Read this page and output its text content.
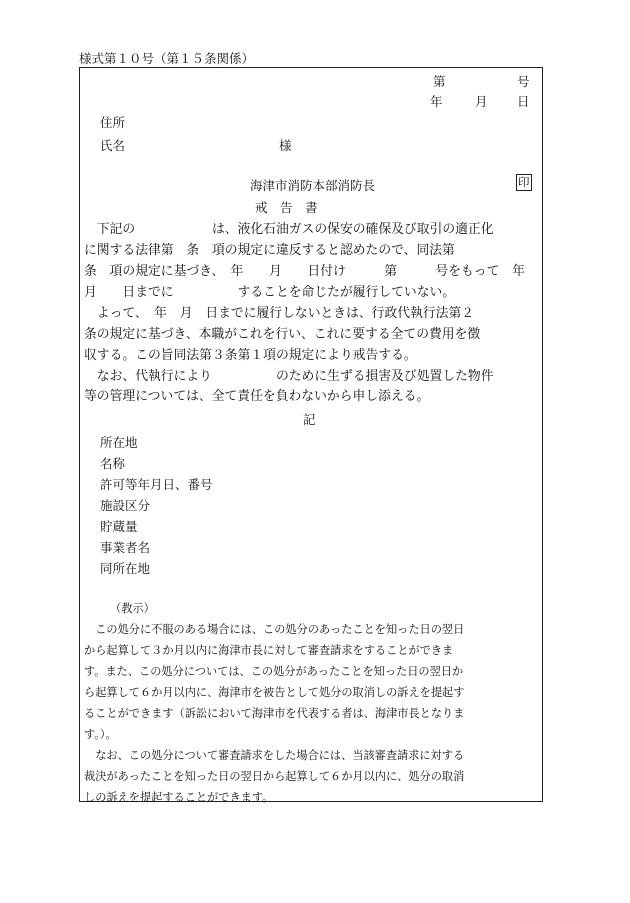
様式第１０号（第１５条関係）
第	号
年	月 日
住所
氏名	様
海津市消防本部消防長	印
戒　告　書
　下記の　　　　　　は、液化石油ガスの保安の確保及び取引の適正化
に関する法律第　条　項の規定に違反すると認めたので、同法第　
条　項の規定に基づき、　年　　月　　日付け　　　第　　　号をもって　年
月　　日までに　　　　　することを命じたが履行していない。
　よって、　年　月　日までに履行しないときは、行政代執行法第２
条の規定に基づき、本職がこれを行い、これに要する全ての費用を徴
収する。この旨同法第３条第１項の規定により戒告する。
　なお、代執行により　　　　　のために生ずる損害及び処置した物件
等の管理については、全て責任を負わないから申し添える。
記
所在地
名称
許可等年月日、番号
施設区分
貯蔵量
事業者名
同所在地
（教示）
　この処分に不服のある場合には、この処分のあったことを知った日の翌日
から起算して３か月以内に海津市長に対して審査請求をすることができま
す。また、この処分については、この処分があったことを知った日の翌日か
ら起算して６か月以内に、海津市を被告として処分の取消しの訴えを提起す
ることができます（訴訟において海津市を代表する者は、海津市長となりま
す。）。
　なお、この処分について審査請求をした場合には、当該審査請求に対する
裁決があったことを知った日の翌日から起算して６か月以内に、処分の取消
しの訴えを提起することができます。
